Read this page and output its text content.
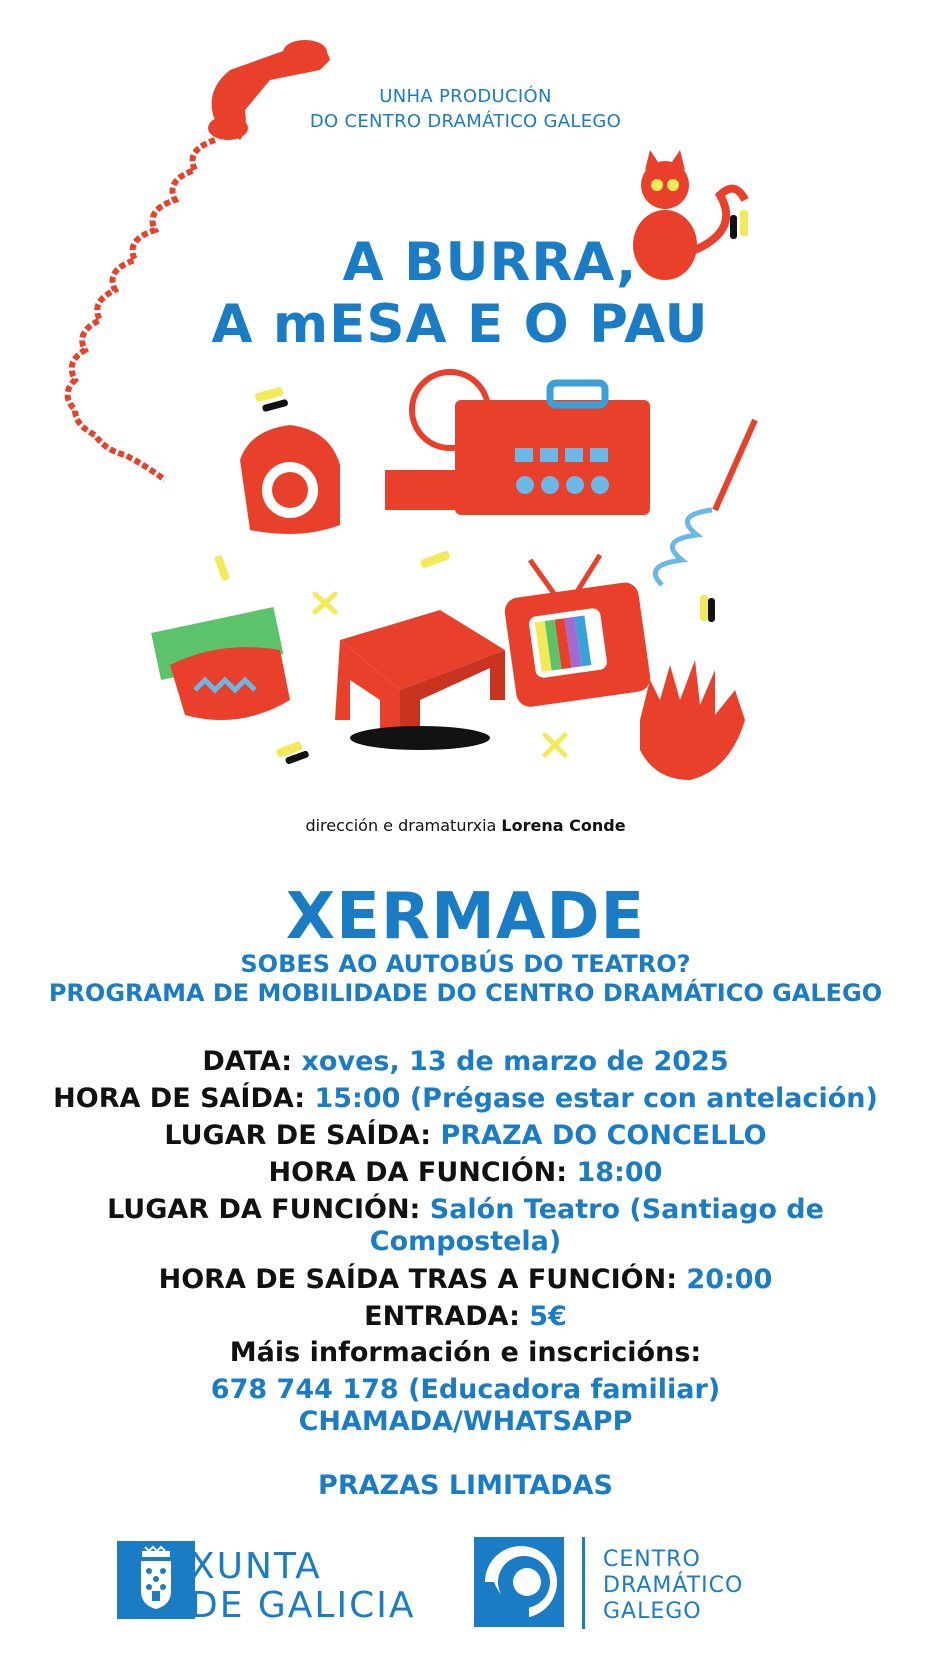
UNHA PRODUCIÓN
DO CENTRO DRAMÁTICO GALEGO
A BURRA,
A mESA E O PAU
dirección e dramaturxia Lorena Conde
XERMADE
SOBES AO AUTOBÚS DO TEATRO?
PROGRAMA DE MOBILIDADE DO CENTRO DRAMÁTICO GALEGO
DATA: xoves, 13 de marzo de 2025
HORA DE SAÍDA: 15:00 (Prégase estar con antelación)
LUGAR DE SAÍDA: PRAZA DO CONCELLO
HORA DA FUNCIÓN: 18:00
LUGAR DA FUNCIÓN: Salón Teatro (Santiago de
Compostela)
HORA DE SAÍDA TRAS A FUNCIÓN: 20:00
ENTRADA: 5€
Máis información e inscricións:
678 744 178 (Educadora familiar)
CHAMADA/WHATSAPP
PRAZAS LIMITADAS
XUNTA
DE GALICIA
CENTRO
DRAMÁTICO
GALEGO
